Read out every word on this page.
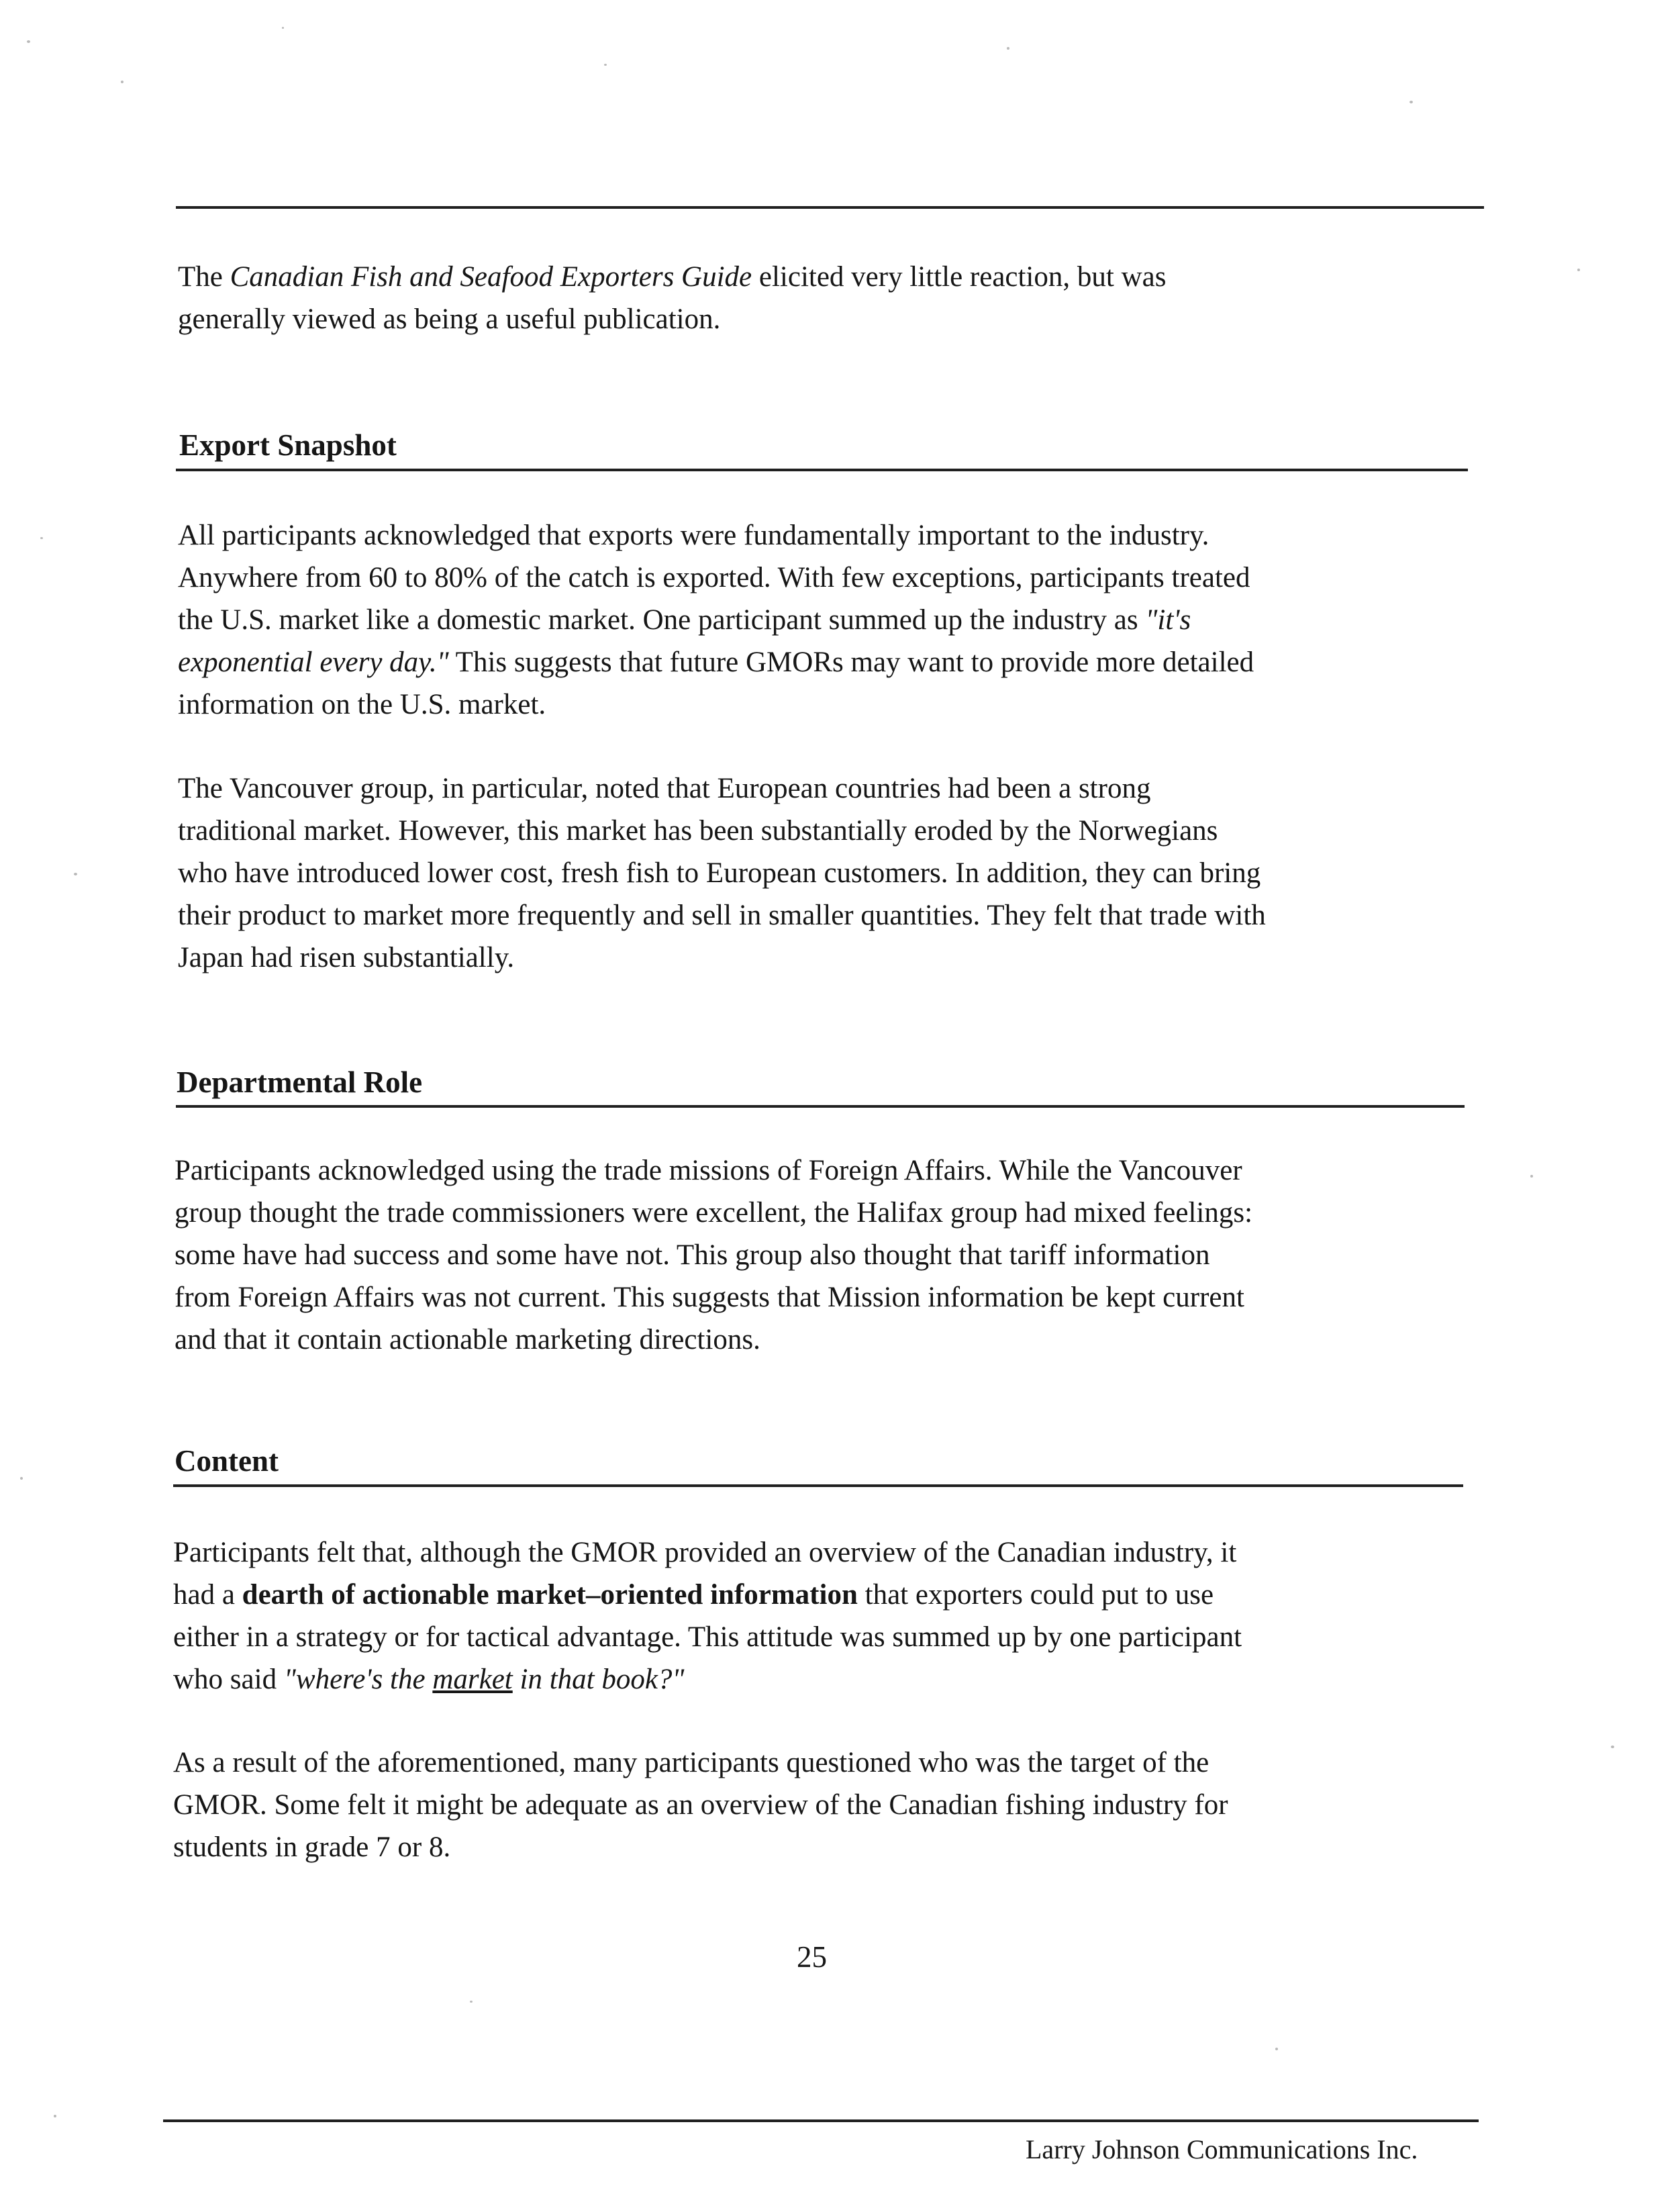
The Canadian Fish and Seafood Exporters Guide elicited very little reaction, but was
generally viewed as being a useful publication.
Export Snapshot
All participants acknowledged that exports were fundamentally important to the industry.
Anywhere from 60 to 80% of the catch is exported. With few exceptions, participants treated
the U.S. market like a domestic market. One participant summed up the industry as "it's
exponential every day." This suggests that future GMORs may want to provide more detailed
information on the U.S. market.
The Vancouver group, in particular, noted that European countries had been a strong
traditional market. However, this market has been substantially eroded by the Norwegians
who have introduced lower cost, fresh fish to European customers. In addition, they can bring
their product to market more frequently and sell in smaller quantities. They felt that trade with
Japan had risen substantially.
Departmental Role
Participants acknowledged using the trade missions of Foreign Affairs. While the Vancouver
group thought the trade commissioners were excellent, the Halifax group had mixed feelings:
some have had success and some have not. This group also thought that tariff information
from Foreign Affairs was not current. This suggests that Mission information be kept current
and that it contain actionable marketing directions.
Content
Participants felt that, although the GMOR provided an overview of the Canadian industry, it
had a dearth of actionable market–oriented information that exporters could put to use
either in a strategy or for tactical advantage. This attitude was summed up by one participant
who said "where's the market in that book?"
As a result of the aforementioned, many participants questioned who was the target of the
GMOR. Some felt it might be adequate as an overview of the Canadian fishing industry for
students in grade 7 or 8.
25
Larry Johnson Communications Inc.
